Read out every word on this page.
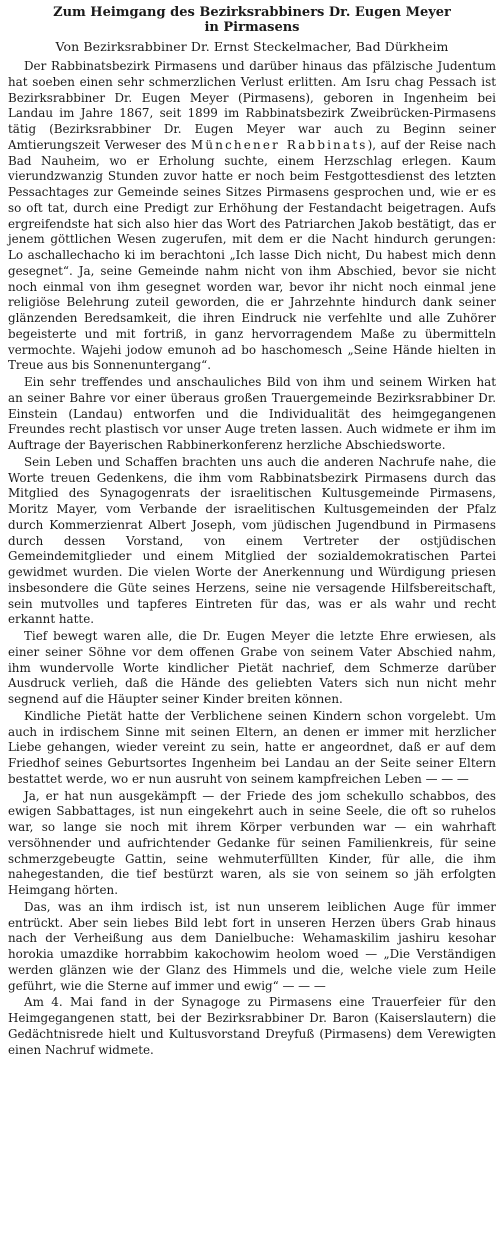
Zum Heimgang des Bezirksrabbiners Dr. Eugen Meyer
in Pirmasens
Von Bezirksrabbiner Dr. Ernst Steckelmacher, Bad Dürkheim

Der Rabbinatsbezirk Pirmasens und darüber hinaus das pfälzische Judentum hat soeben einen sehr schmerzlichen Verlust erlitten. Am Isru chag Pessach ist Bezirksrabbiner Dr. Eugen Meyer (Pirmasens), geboren in Ingenheim bei Landau im Jahre 1867, seit 1899 im Rabbinatsbezirk Zweibrücken-Pirmasens tätig (Bezirksrabbiner Dr. Eugen Meyer war auch zu Beginn seiner Amtierungszeit Verweser des Münchener Rabbinats), auf der Reise nach Bad Nauheim, wo er Erholung suchte, einem Herzschlag erlegen. Kaum vierundzwanzig Stunden zuvor hatte er noch beim Festgottesdienst des letzten Pessachtages zur Gemeinde seines Sitzes Pirmasens gesprochen und, wie er es so oft tat, durch eine Predigt zur Erhöhung der Festandacht beigetragen. Aufs ergreifendste hat sich also hier das Wort des Patriarchen Jakob bestätigt, das er jenem göttlichen Wesen zugerufen, mit dem er die Nacht hindurch gerungen: Lo aschallechacho ki im berachtoni „Ich lasse Dich nicht, Du habest mich denn gesegnet“. Ja, seine Gemeinde nahm nicht von ihm Abschied, bevor sie nicht noch einmal von ihm gesegnet worden war, bevor ihr nicht noch einmal jene religiöse Belehrung zuteil geworden, die er Jahrzehnte hindurch dank seiner glänzenden Beredsamkeit, die ihren Eindruck nie verfehlte und alle Zuhörer begeisterte und mit fortriß, in ganz hervorragendem Maße zu übermitteln vermochte. Wajehi jodow emunoh ad bo haschomesch „Seine Hände hielten in Treue aus bis Sonnenuntergang“.

Ein sehr treffendes und anschauliches Bild von ihm und seinem Wirken hat an seiner Bahre vor einer überaus großen Trauergemeinde Bezirksrabbiner Dr. Einstein (Landau) entworfen und die Individualität des heimgegangenen Freundes recht plastisch vor unser Auge treten lassen. Auch widmete er ihm im Auftrage der Bayerischen Rabbinerkonferenz herzliche Abschiedsworte.

Sein Leben und Schaffen brachten uns auch die anderen Nachrufe nahe, die Worte treuen Gedenkens, die ihm vom Rabbinatsbezirk Pirmasens durch das Mitglied des Synagogenrats der israelitischen Kultusgemeinde Pirmasens, Moritz Mayer, vom Verbande der israelitischen Kultusgemeinden der Pfalz durch Kommerzienrat Albert Joseph, vom jüdischen Jugendbund in Pirmasens durch dessen Vorstand, von einem Vertreter der ostjüdischen Gemeindemitglieder und einem Mitglied der sozialdemokratischen Partei gewidmet wurden. Die vielen Worte der Anerkennung und Würdigung priesen insbesondere die Güte seines Herzens, seine nie versagende Hilfsbereitschaft, sein mutvolles und tapferes Eintreten für das, was er als wahr und recht erkannt hatte.

Tief bewegt waren alle, die Dr. Eugen Meyer die letzte Ehre erwiesen, als einer seiner Söhne vor dem offenen Grabe von seinem Vater Abschied nahm, ihm wundervolle Worte kindlicher Pietät nachrief, dem Schmerze darüber Ausdruck verlieh, daß die Hände des geliebten Vaters sich nun nicht mehr segnend auf die Häupter seiner Kinder breiten können.

Kindliche Pietät hatte der Verblichene seinen Kindern schon vorgelebt. Um auch in irdischem Sinne mit seinen Eltern, an denen er immer mit herzlicher Liebe gehangen, wieder vereint zu sein, hatte er angeordnet, daß er auf dem Friedhof seines Geburtsortes Ingenheim bei Landau an der Seite seiner Eltern bestattet werde, wo er nun ausruht von seinem kampfreichen Leben — — —

Ja, er hat nun ausgekämpft — der Friede des jom schekullo schabbos, des ewigen Sabbattages, ist nun eingekehrt auch in seine Seele, die oft so ruhelos war, so lange sie noch mit ihrem Körper verbunden war — ein wahrhaft versöhnender und aufrichtender Gedanke für seinen Familienkreis, für seine schmerzgebeugte Gattin, seine wehmuterfüllten Kinder, für alle, die ihm nahegestanden, die tief bestürzt waren, als sie von seinem so jäh erfolgten Heimgang hörten.

Das, was an ihm irdisch ist, ist nun unserem leiblichen Auge für immer entrückt. Aber sein liebes Bild lebt fort in unseren Herzen übers Grab hinaus nach der Verheißung aus dem Danielbuche: Wehamaskilim jashiru kesohar horokia umazdike horrabbim kakochowim heolom woed — „Die Verständigen werden glänzen wie der Glanz des Himmels und die, welche viele zum Heile geführt, wie die Sterne auf immer und ewig“ — — —

Am 4. Mai fand in der Synagoge zu Pirmasens eine Trauerfeier für den Heimgegangenen statt, bei der Bezirksrabbiner Dr. Baron (Kaiserslautern) die Gedächtnisrede hielt und Kultusvorstand Dreyfuß (Pirmasens) dem Verewigten einen Nachruf widmete.
